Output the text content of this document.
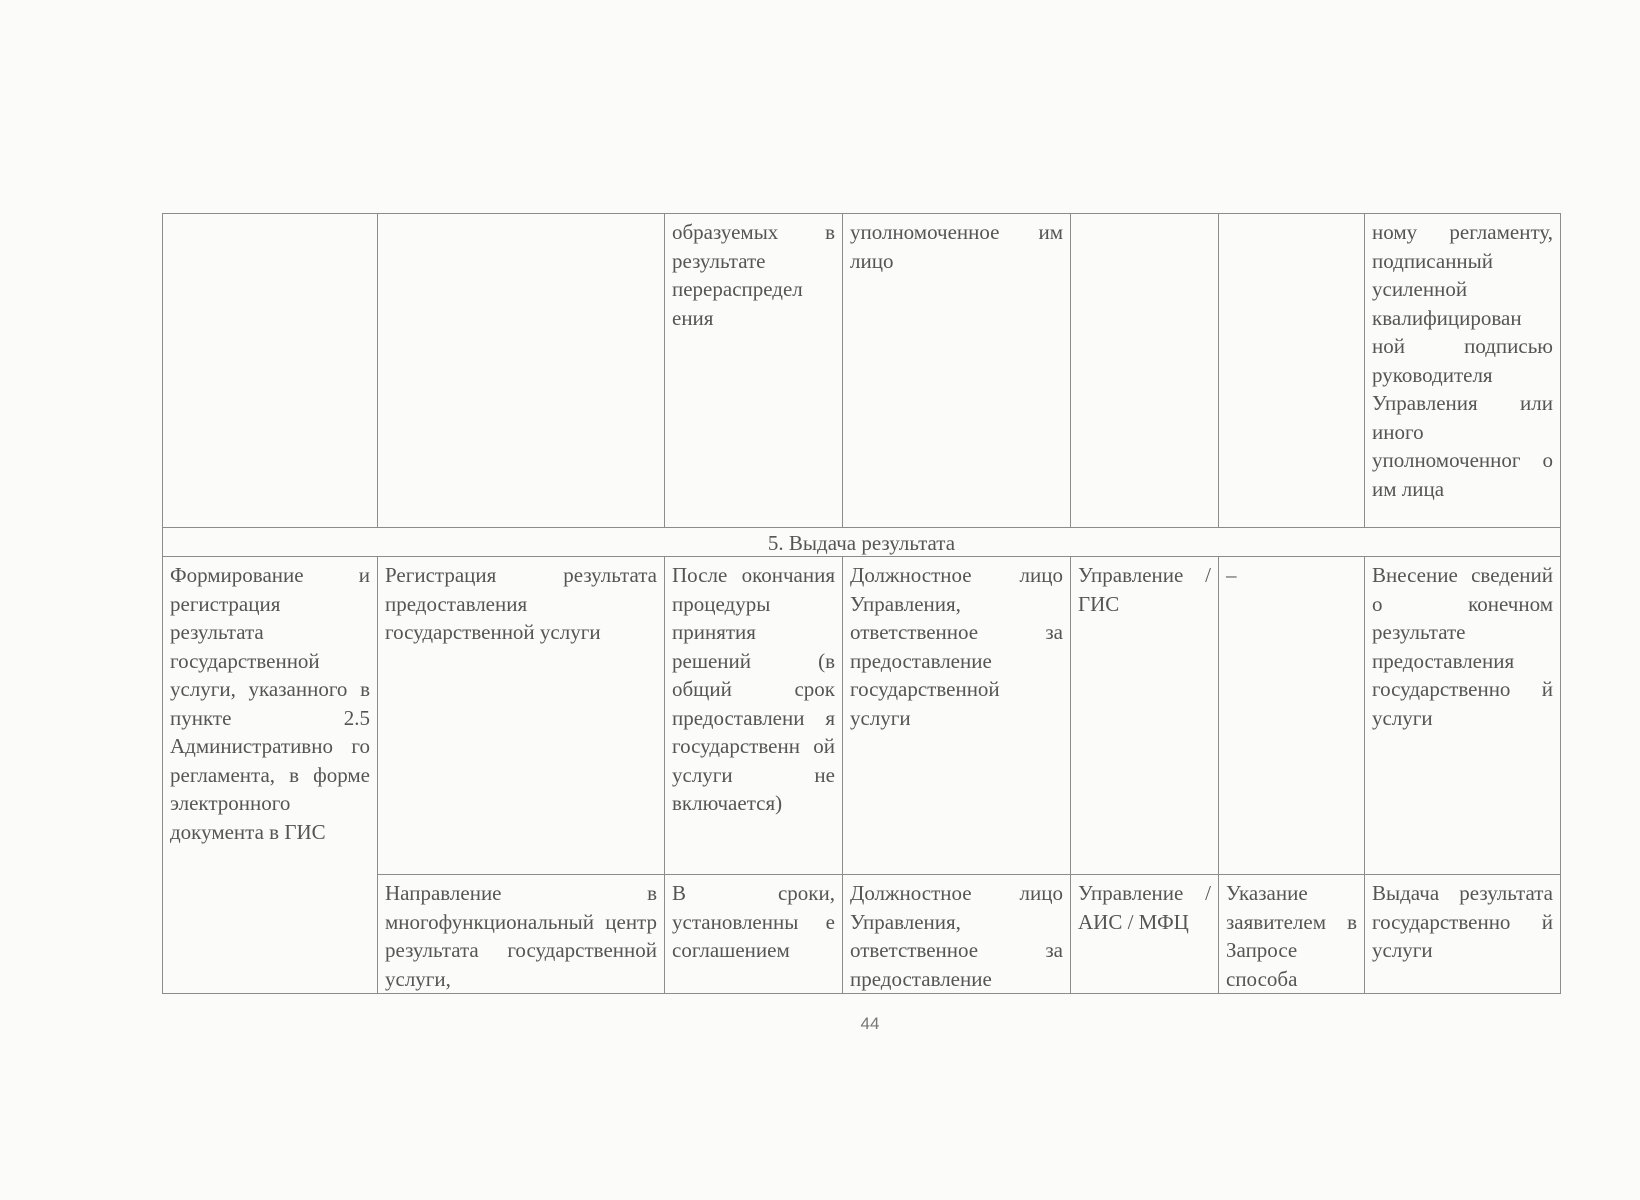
		образуемых в результате перераспредел ения	уполномоченное им лицо			ному регламенту, подписанный усиленной квалифицирован ной подписью руководителя Управления или иного уполномоченног о им лица

5. Выдача результата						

Формирование и регистрация результата государственной услуги, указанного в пункте 2.5 Административно го регламента, в форме электронного документа в ГИС	Регистрация результата предоставления государственной услуги	После окончания процедуры принятия решений (в общий срок предоставлени я государственн ой услуги не включается)	Должностное лицо Управления, ответственное за предоставление государственной услуги	Управление / ГИС	–	Внесение сведений о конечном результате предоставления государственно й услуги

	Направление в многофункциональный центр результата государственной услуги,	В сроки, установленны е соглашением	Должностное лицо Управления, ответственное за предоставление	Управление / АИС / МФЦ	Указание заявителем в Запросе способа	Выдача результата государственно й услуги
44
